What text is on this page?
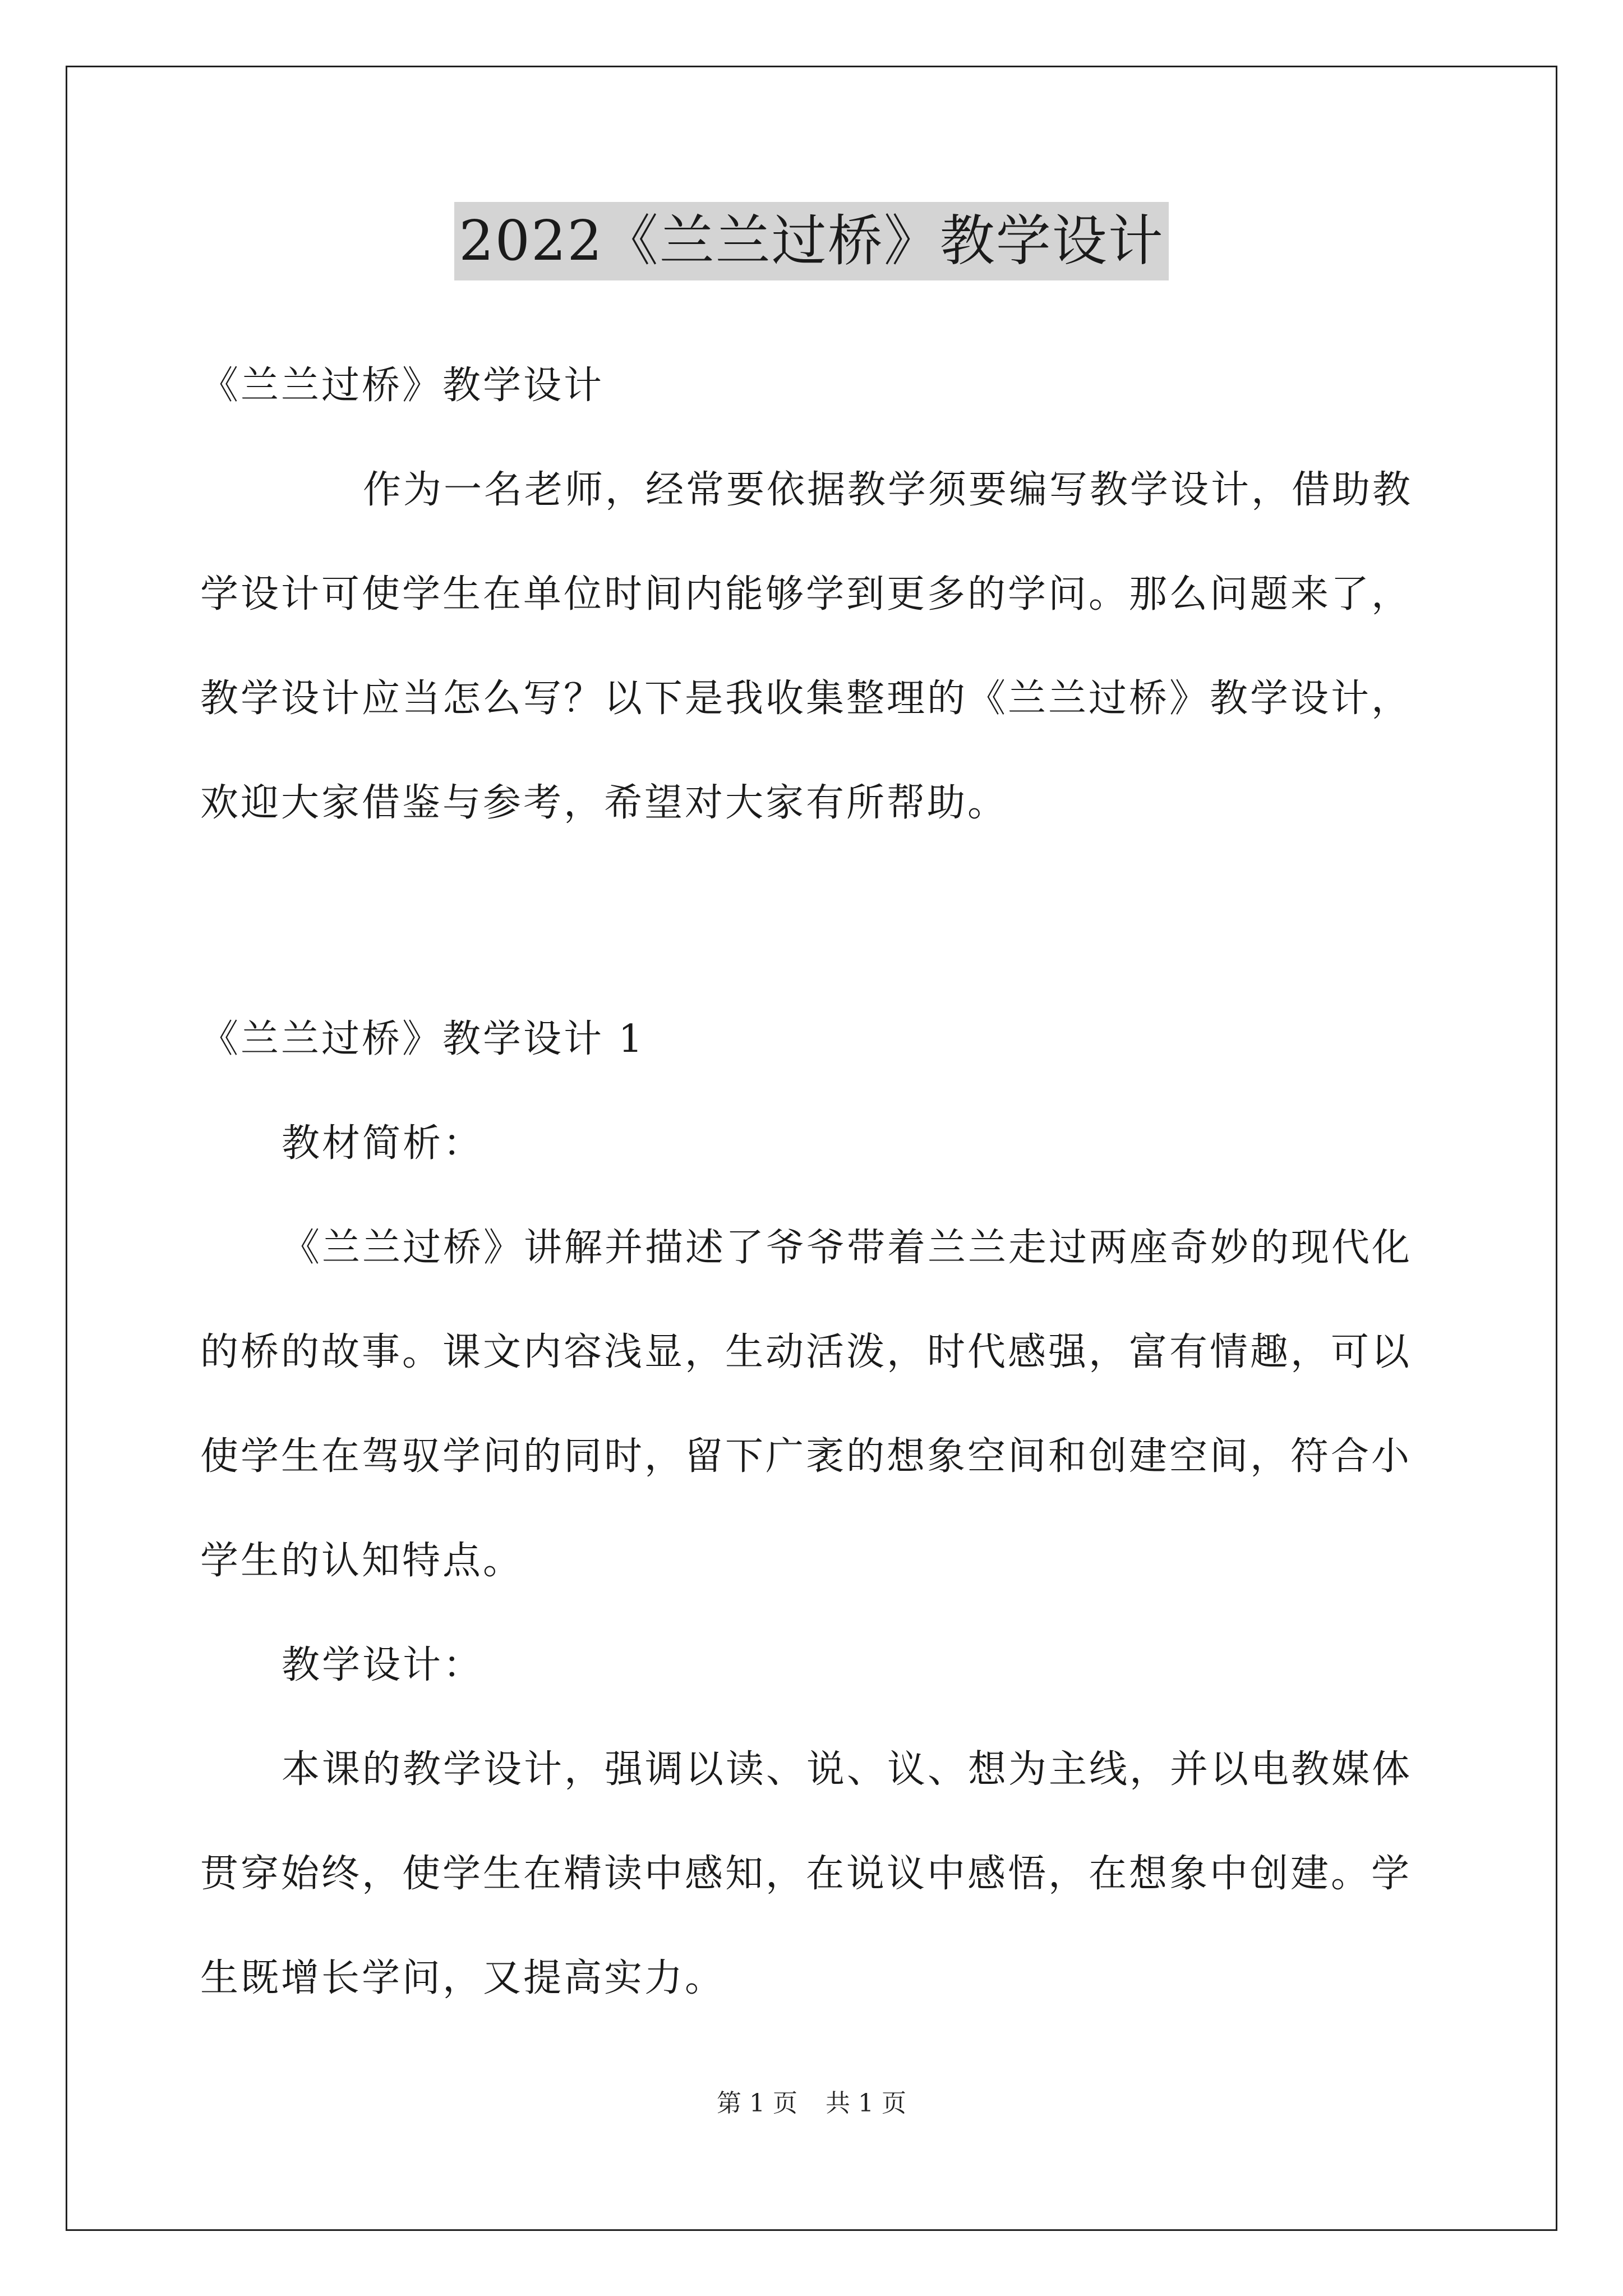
2022《兰兰过桥》教学设计
《兰兰过桥》教学设计
作为一名老师，经常要依据教学须要编写教学设计，借助教
学设计可使学生在单位时间内能够学到更多的学问。那么问题来了，
教学设计应当怎么写？以下是我收集整理的《兰兰过桥》教学设计，
欢迎大家借鉴与参考，希望对大家有所帮助。
《兰兰过桥》教学设计 1
教材简析：
《兰兰过桥》讲解并描述了爷爷带着兰兰走过两座奇妙的现代化
的桥的故事。课文内容浅显，生动活泼，时代感强，富有情趣，可以
使学生在驾驭学问的同时，留下广袤的想象空间和创建空间，符合小
学生的认知特点。
教学设计：
本课的教学设计，强调以读、说、议、想为主线，并以电教媒体
贯穿始终，使学生在精读中感知，在说议中感悟，在想象中创建。学
生既增长学问，又提高实力。
第 1 页 共 1 页
